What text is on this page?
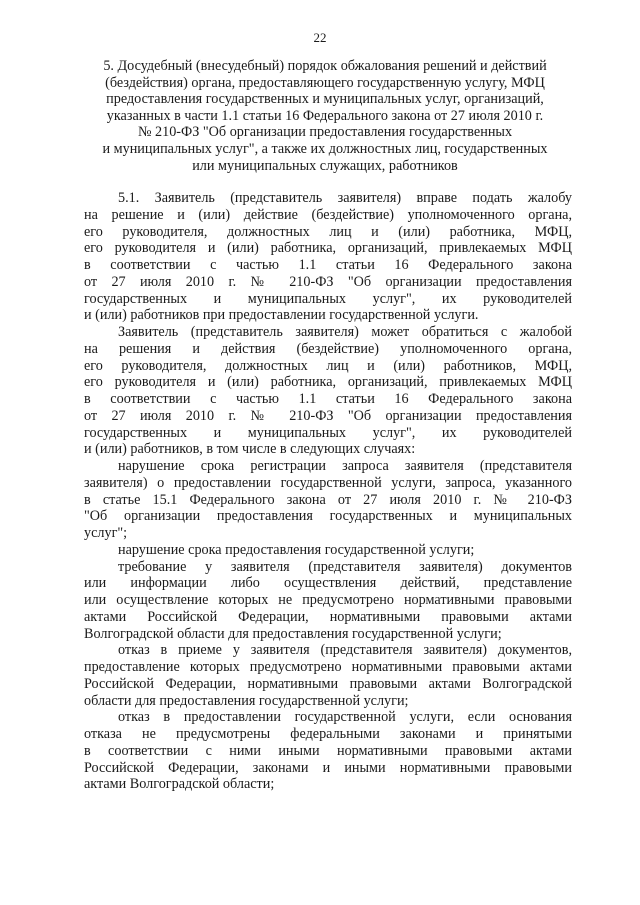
22
5. Досудебный (внесудебный) порядок обжалования решений и действий
(бездействия) органа, предоставляющего государственную услугу, МФЦ
предоставления государственных и муниципальных услуг, организаций,
указанных в части 1.1 статьи 16 Федерального закона от 27 июля 2010 г.
№ 210-ФЗ "Об организации предоставления государственных
и муниципальных услуг", а также их должностных лиц, государственных
или муниципальных служащих, работников
5.1. Заявитель (представитель заявителя) вправе подать жалобу
на решение и (или) действие (бездействие) уполномоченного органа,
его руководителя, должностных лиц и (или) работника, МФЦ,
его руководителя и (или) работника, организаций, привлекаемых МФЦ
в соответствии с частью 1.1 статьи 16 Федерального закона
от 27 июля 2010 г. № 210-ФЗ "Об организации предоставления
государственных и муниципальных услуг", их руководителей
и (или) работников при предоставлении государственной услуги.
Заявитель (представитель заявителя) может обратиться с жалобой
на решения и действия (бездействие) уполномоченного органа,
его руководителя, должностных лиц и (или) работников, МФЦ,
его руководителя и (или) работника, организаций, привлекаемых МФЦ
в соответствии с частью 1.1 статьи 16 Федерального закона
от 27 июля 2010 г. № 210-ФЗ "Об организации предоставления
государственных и муниципальных услуг", их руководителей
и (или) работников, в том числе в следующих случаях:
нарушение срока регистрации запроса заявителя (представителя
заявителя) о предоставлении государственной услуги, запроса, указанного
в статье 15.1 Федерального закона от 27 июля 2010 г. № 210-ФЗ
"Об организации предоставления государственных и муниципальных
услуг";
нарушение срока предоставления государственной услуги;
требование у заявителя (представителя заявителя) документов
или информации либо осуществления действий, представление
или осуществление которых не предусмотрено нормативными правовыми
актами Российской Федерации, нормативными правовыми актами
Волгоградской области для предоставления государственной услуги;
отказ в приеме у заявителя (представителя заявителя) документов,
предоставление которых предусмотрено нормативными правовыми актами
Российской Федерации, нормативными правовыми актами Волгоградской
области для предоставления государственной услуги;
отказ в предоставлении государственной услуги, если основания
отказа не предусмотрены федеральными законами и принятыми
в соответствии с ними иными нормативными правовыми актами
Российской Федерации, законами и иными нормативными правовыми
актами Волгоградской области;
